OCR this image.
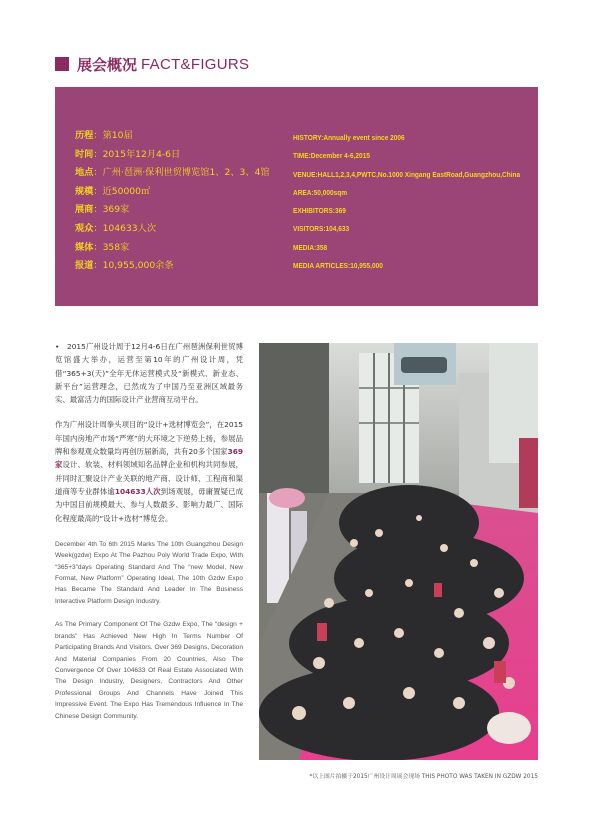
展会概况 FACT&FIGURS
历程：第10届
时间：2015年12月4-6日
地点：广州·琶洲·保利世贸博览馆1、2、3、4馆
规模：近50000㎡
展商：369家
观众：104633人次
媒体：358家
报道：10,955,000余条
HISTORY:Annually event since 2006
TIME:December 4-6,2015
VENUE:HALL1,2,3,4,PWTC,No.1000 Xingang EastRoad,Guangzhou,China
AREA:50,000sqm
EXHIBITORS:369
VISITORS:104,633
MEDIA:358
MEDIA ARTICLES:10,955,000

•　2015广州设计周于12月4-6日在广州琶洲保利世贸博览馆盛大举办，运营至第10年的广州设计周，凭借“365+3(天)”全年无休运营模式及“新模式、新业态、新平台”运营理念，已然成为了中国乃至亚洲区域最务实、最富活力的国际设计产业营商互动平台。

作为广州设计周拳头项目的“设计+选材博览会”，在2015年国内房地产市场“严寒”的大环境之下逆势上扬，参展品牌和参观观众数量均再创历届新高，共有20多个国家369家设计、软装、材料领域知名品牌企业和机构共同参展，并同时汇聚设计产业关联的地产商、设计师、工程商和渠道商等专业群体逾104633人次到场观展，毋庸置疑已成为中国目前规模最大、参与人数最多、影响力最广、国际化程度最高的“设计+选材”博览会。

December 4th To 6th 2015 Marks The 10th Guangzhou Design Week(gzdw) Expo At The Pazhou Poly World Trade Expo, With “365+3”days Operating Standard And The “new Model, New Format, New Platform” Operating Ideal, The 10th Gzdw Expo Has Became The Standard And Leader In The Business Interactive Platform Design Industry.

As The Primary Component Of The Gzdw Expo, The “design + brands” Has Achieved New High In Terms Number Of Participating Brands And Visitors. Over 369 Designs, Decoration And Material Companies From 20 Countries, Also The Convergence Of Over 104633 Of Real Estate Associated With The Design Industry, Designers, Contractors And Other Professional Groups And Channels Have Joined This Impressive Event. The Expo Has Tremendous Influence In The Chinese Design Community.

*以上图片拍摄于2015广州设计周展会现场 THIS PHOTO WAS TAKEN IN GZDW 2015
